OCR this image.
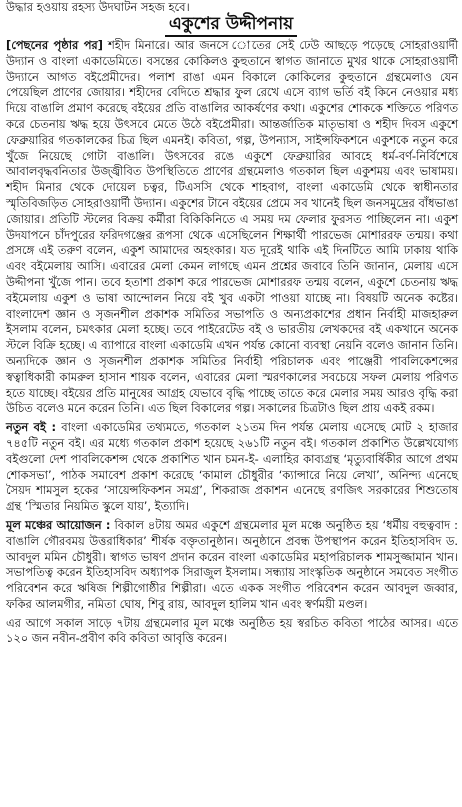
উদ্ধার হওয়ায় রহস্য উদঘাটন সহজ হবে।
একুশের উদ্দীপনায়

[পেছনের পৃষ্ঠার পর] শহীদ মিনারে। আর জনসে োতের সেই ঢেউ আছড়ে পড়েছে সোহরাওয়ার্দী উদ্যান ও বাংলা একাডেমিতে। বসন্তের কোকিলও কুহুতানে স্বাগত জানাতে মুখর থাকে সোহরাওয়ার্দী উদ্যানে আগত বইপ্রেমীদের। পলাশ রাঙা এমন বিকালে কোকিলের কুহুতানে গ্রন্থমেলাও যেন পেয়েছিল প্রাণের জোয়ার। শহীদের বেদিতে শ্রদ্ধার ফুল রেখে এসে ব্যাগ ভর্তি বই কিনে নেওয়ার মধ্য দিয়ে বাঙালি প্রমাণ করেছে বইয়ের প্রতি বাঙালির আকর্ষণের কথা। একুশের শোককে শক্তিতে পরিণত করে চেতনায় ঋদ্ধ হয়ে উৎসবে মেতে উঠে বইপ্রেমীরা। আন্তর্জাতিক মাতৃভাষা ও শহীদ দিবস একুশে ফেব্রুয়ারির গতকালকের চিত্র ছিল এমনই। কবিতা, গল্প, উপন্যাস, সাইন্সফিকশনে একুশকে নতুন করে খুঁজে নিয়েছে গোটা বাঙালি। উৎসবের রঙে একুশে ফেব্রুয়ারির আবহে ধর্ম-বর্ণ-নির্বিশেষে আবালবৃদ্ধবনিতার উজ্জ্বীবিত উপস্থিতিতে প্রাণের গ্রন্থমেলাও গতকাল ছিল একুশময় এবং ভাষাময়। শহীদ মিনার থেকে দোয়েল চত্বর, টিএসসি থেকে শাহবাগ, বাংলা একাডেমি থেকে স্বাধীনতার স্মৃতিবিজড়িত সোহরাওয়ার্দী উদ্যান। একুশের টানে বইয়ের প্রেমে সব খানেই ছিল জনসমুদ্রের বাঁধভাঙা জোয়ার। প্রতিটি স্টলের বিক্রয় কর্মীরা বিকিকিনিতে এ সময় দম ফেলার ফুরসত পাচ্ছিলেন না। একুশ উদযাপনে চাঁদপুরের ফরিদগঞ্জের রূপসা থেকে এসেছিলেন শিক্ষার্থী পারভেজ মোশাররফ তন্ময়। কথা প্রসঙ্গে এই তরুণ বলেন, একুশ আমাদের অহংকার। যত দূরেই থাকি এই দিনটিতে আমি ঢাকায় থাকি এবং বইমেলায় আসি। এবারের মেলা কেমন লাগছে এমন প্রশ্নের জবাবে তিনি জানান, মেলায় এসে উদ্দীপনা খুঁজে পান। তবে হতাশা প্রকাশ করে পারভেজ মোশাররফ তন্ময় বলেন, একুশে চেতনায় ঋদ্ধ বইমেলায় একুশ ও ভাষা আন্দোলন নিয়ে বই খুব একটা পাওয়া যাচ্ছে না। বিষয়টি অনেক কষ্টের। বাংলাদেশ জ্ঞান ও সৃজনশীল প্রকাশক সমিতির সভাপতি ও অন্যপ্রকাশের প্রধান নির্বাহী মাজহারুল ইসলাম বলেন, চমৎকার মেলা হচ্ছে। তবে পাইরেটেড বই ও ভারতীয় লেখকদের বই একখানে অনেক স্টলে বিক্রি হচ্ছে। এ ব্যাপারে বাংলা একাডেমি এখন পর্যন্ত কোনো ব্যবস্থা নেয়নি বলেও জানান তিনি। অন্যদিকে জ্ঞান ও সৃজনশীল প্রকাশক সমিতির নির্বাহী পরিচালক এবং পাঞ্জেরী পাবলিকেশন্সের স্বত্বাধিকারী কামরুল হাসান শায়ক বলেন, এবারের মেলা স্মরণকালের সবচেয়ে সফল মেলায় পরিণত হতে যাচ্ছে। বইয়ের প্রতি মানুষের আগ্রহ যেভাবে বৃদ্ধি পাচ্ছে তাতে করে মেলার সময় আরও বৃদ্ধি করা উচিত বলেও মনে করেন তিনি। এত ছিল বিকালের গল্প। সকালের চিত্রটাও ছিল প্রায় একই রকম।

নতুন বই : বাংলা একাডেমির তথ্যমতে, গতকাল ২১তম দিন পর্যন্ত মেলায় এসেছে মোট ২ হাজার ৭৪৫টি নতুন বই। এর মধ্যে গতকাল প্রকাশ হয়েছে ২৬১টি নতুন বই। গতকাল প্রকাশিত উল্লেখযোগ্য বইগুলো দেশ পাবলিকেশন্স থেকে প্রকাশিত খান চমন-ই- এলাহির কাব্যগ্রন্থ ‘মৃত্যুবার্ষিকীর আগে প্রথম শোকসভা’, পাঠক সমাবেশ প্রকাশ করেছে ‘কামাল চৌধুরীর ‘ক্যান্সারে নিয়ে লেখা’, অনিন্দ্য এনেছে সৈয়দ শামসুল হকের ‘সায়েন্সফিকশন সমগ্র’, শিকরাজ প্রকাশন এনেছে রণজিৎ সরকারের শিশুতোষ গ্রন্থ ‘স্মিতার নিয়মিত স্কুলে যায়’, ইত্যাদি।

মূল মঞ্চের আয়োজন : বিকাল ৪টায় অমর একুশে গ্রন্থমেলার মূল মঞ্চে অনুষ্ঠিত হয় ‘ধর্মীয় বহুত্ববাদ : বাঙালি গৌরবময় উত্তরাধিকার’ শীর্ষক বক্তৃতানুষ্ঠান। অনুষ্ঠানে প্রবন্ধ উপস্থাপন করেন ইতিহাসবিদ ড. আবদুল মমিন চৌধুরী। স্বাগত ভাষণ প্রদান করেন বাংলা একাডেমির মহাপরিচালক শামসুজ্জামান খান। সভাপতিত্ব করেন ইতিহাসবিদ অধ্যাপক সিরাজুল ইসলাম। সন্ধ্যায় সাংস্কৃতিক অনুষ্ঠানে সমবেত সংগীত পরিবেশন করে ঋষিজ শিল্পীগোষ্ঠীর শিল্পীরা। এতে একক সংগীত পরিবেশন করেন আবদুল জব্বার, ফকির আলমগীর, নমিতা ঘোষ, শিবু রায়, আবদুল হালিম খান এবং স্বর্ণময়ী মণ্ডল।

এর আগে সকাল সাড়ে ৭টায় গ্রন্থমেলার মূল মঞ্চে অনুষ্ঠিত হয় স্বরচিত কবিতা পাঠের আসর। এতে ১২০ জন নবীন-প্রবীণ কবি কবিতা আবৃত্তি করেন।
